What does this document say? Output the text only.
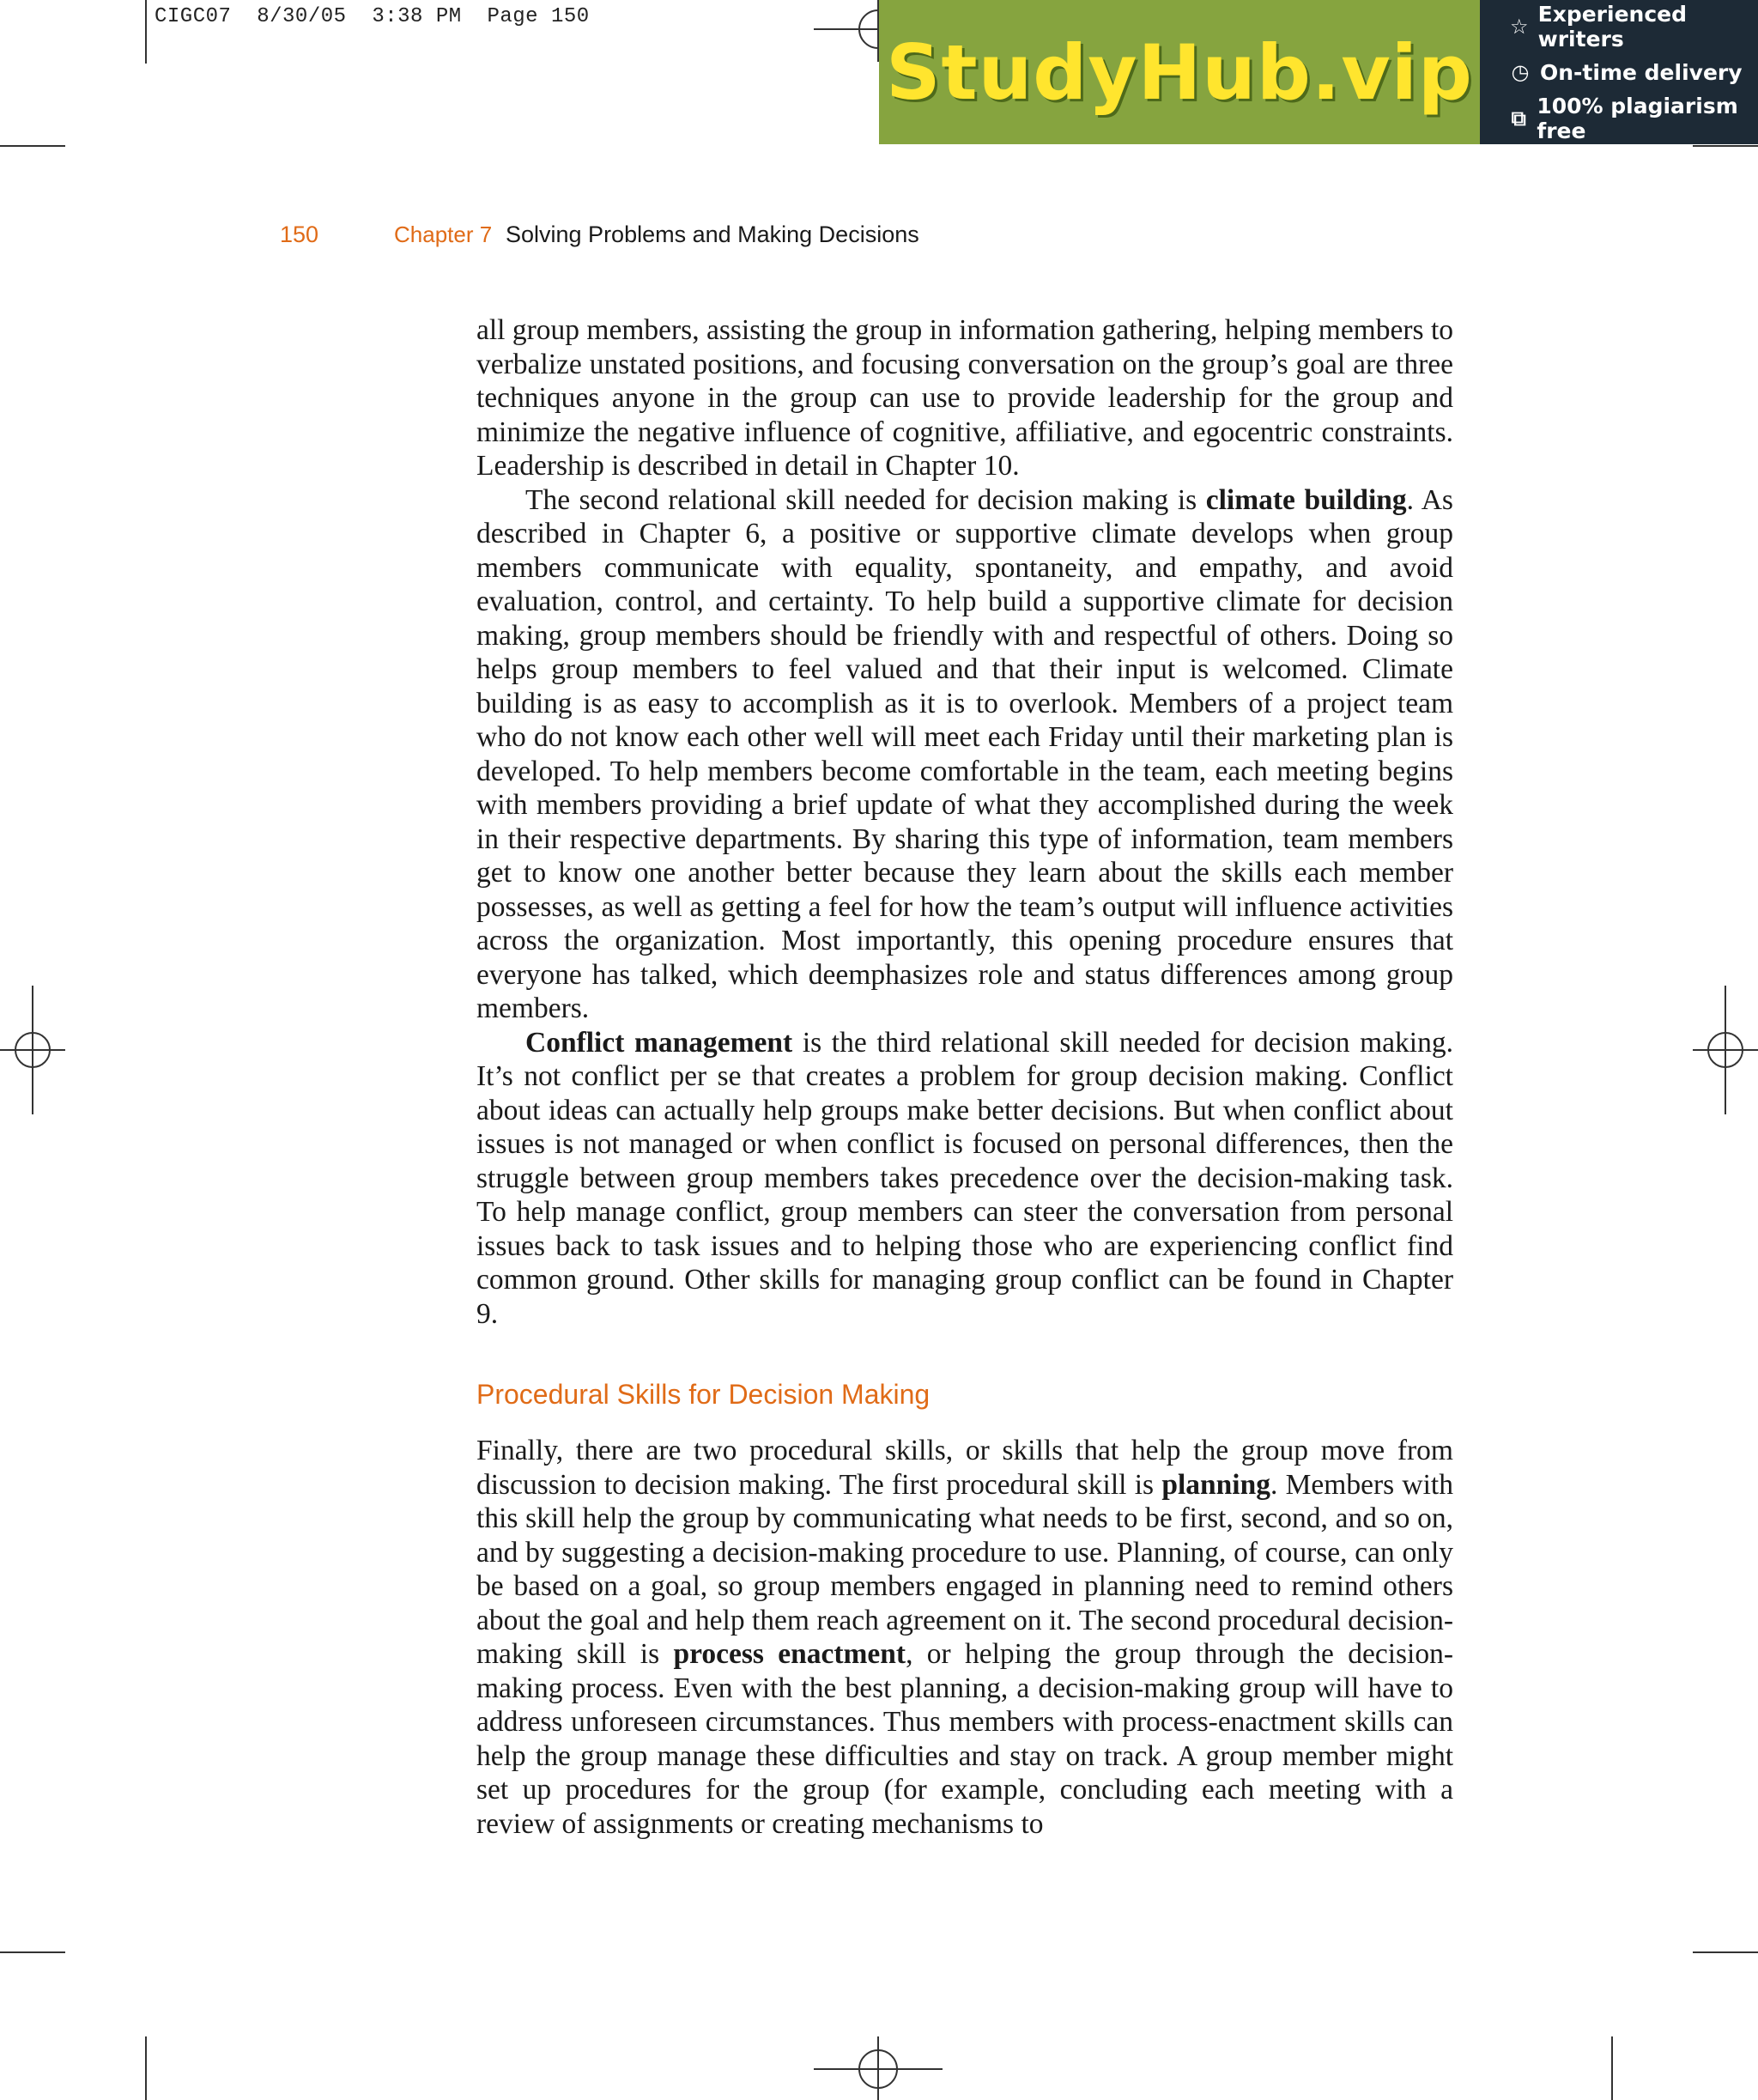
CIGC07  8/30/05  3:38 PM  Page 150
StudyHub.vip
☆ Experienced writers
◷ On-time delivery
⧉ 100% plagiarism free
150	Chapter 7 Solving Problems and Making Decisions

all group members, assisting the group in information gathering, helping members to verbalize unstated positions, and focusing conversation on the group’s goal are three techniques anyone in the group can use to provide leadership for the group and minimize the negative influence of cognitive, affiliative, and egocentric constraints. Leadership is described in detail in Chapter 10.

The second relational skill needed for decision making is climate building. As described in Chapter 6, a positive or supportive climate develops when group members communicate with equality, spontaneity, and empathy, and avoid evaluation, control, and certainty. To help build a supportive climate for decision making, group members should be friendly with and respectful of others. Doing so helps group members to feel valued and that their input is welcomed. Climate building is as easy to accomplish as it is to overlook. Members of a project team who do not know each other well will meet each Friday until their marketing plan is developed. To help members become comfortable in the team, each meeting begins with members providing a brief update of what they accomplished during the week in their respective departments. By sharing this type of information, team members get to know one another better because they learn about the skills each member possesses, as well as getting a feel for how the team’s output will influence activities across the organization. Most importantly, this opening procedure ensures that everyone has talked, which deemphasizes role and status differences among group members.

Conflict management is the third relational skill needed for decision making. It’s not conflict per se that creates a problem for group decision making. Conflict about ideas can actually help groups make better decisions. But when conflict about issues is not managed or when conflict is focused on personal differences, then the struggle between group members takes precedence over the decision-making task. To help manage conflict, group members can steer the conversation from personal issues back to task issues and to helping those who are experiencing conflict find common ground. Other skills for managing group conflict can be found in Chapter 9.

Procedural Skills for Decision Making

Finally, there are two procedural skills, or skills that help the group move from discussion to decision making. The first procedural skill is planning. Members with this skill help the group by communicating what needs to be first, second, and so on, and by suggesting a decision-making procedure to use. Planning, of course, can only be based on a goal, so group members engaged in planning need to remind others about the goal and help them reach agreement on it. The second procedural decision-making skill is process enactment, or helping the group through the decision-making process. Even with the best planning, a decision-making group will have to address unforeseen circumstances. Thus members with process-enactment skills can help the group manage these difficulties and stay on track. A group member might set up procedures for the group (for example, concluding each meeting with a review of assignments or creating mechanisms to
